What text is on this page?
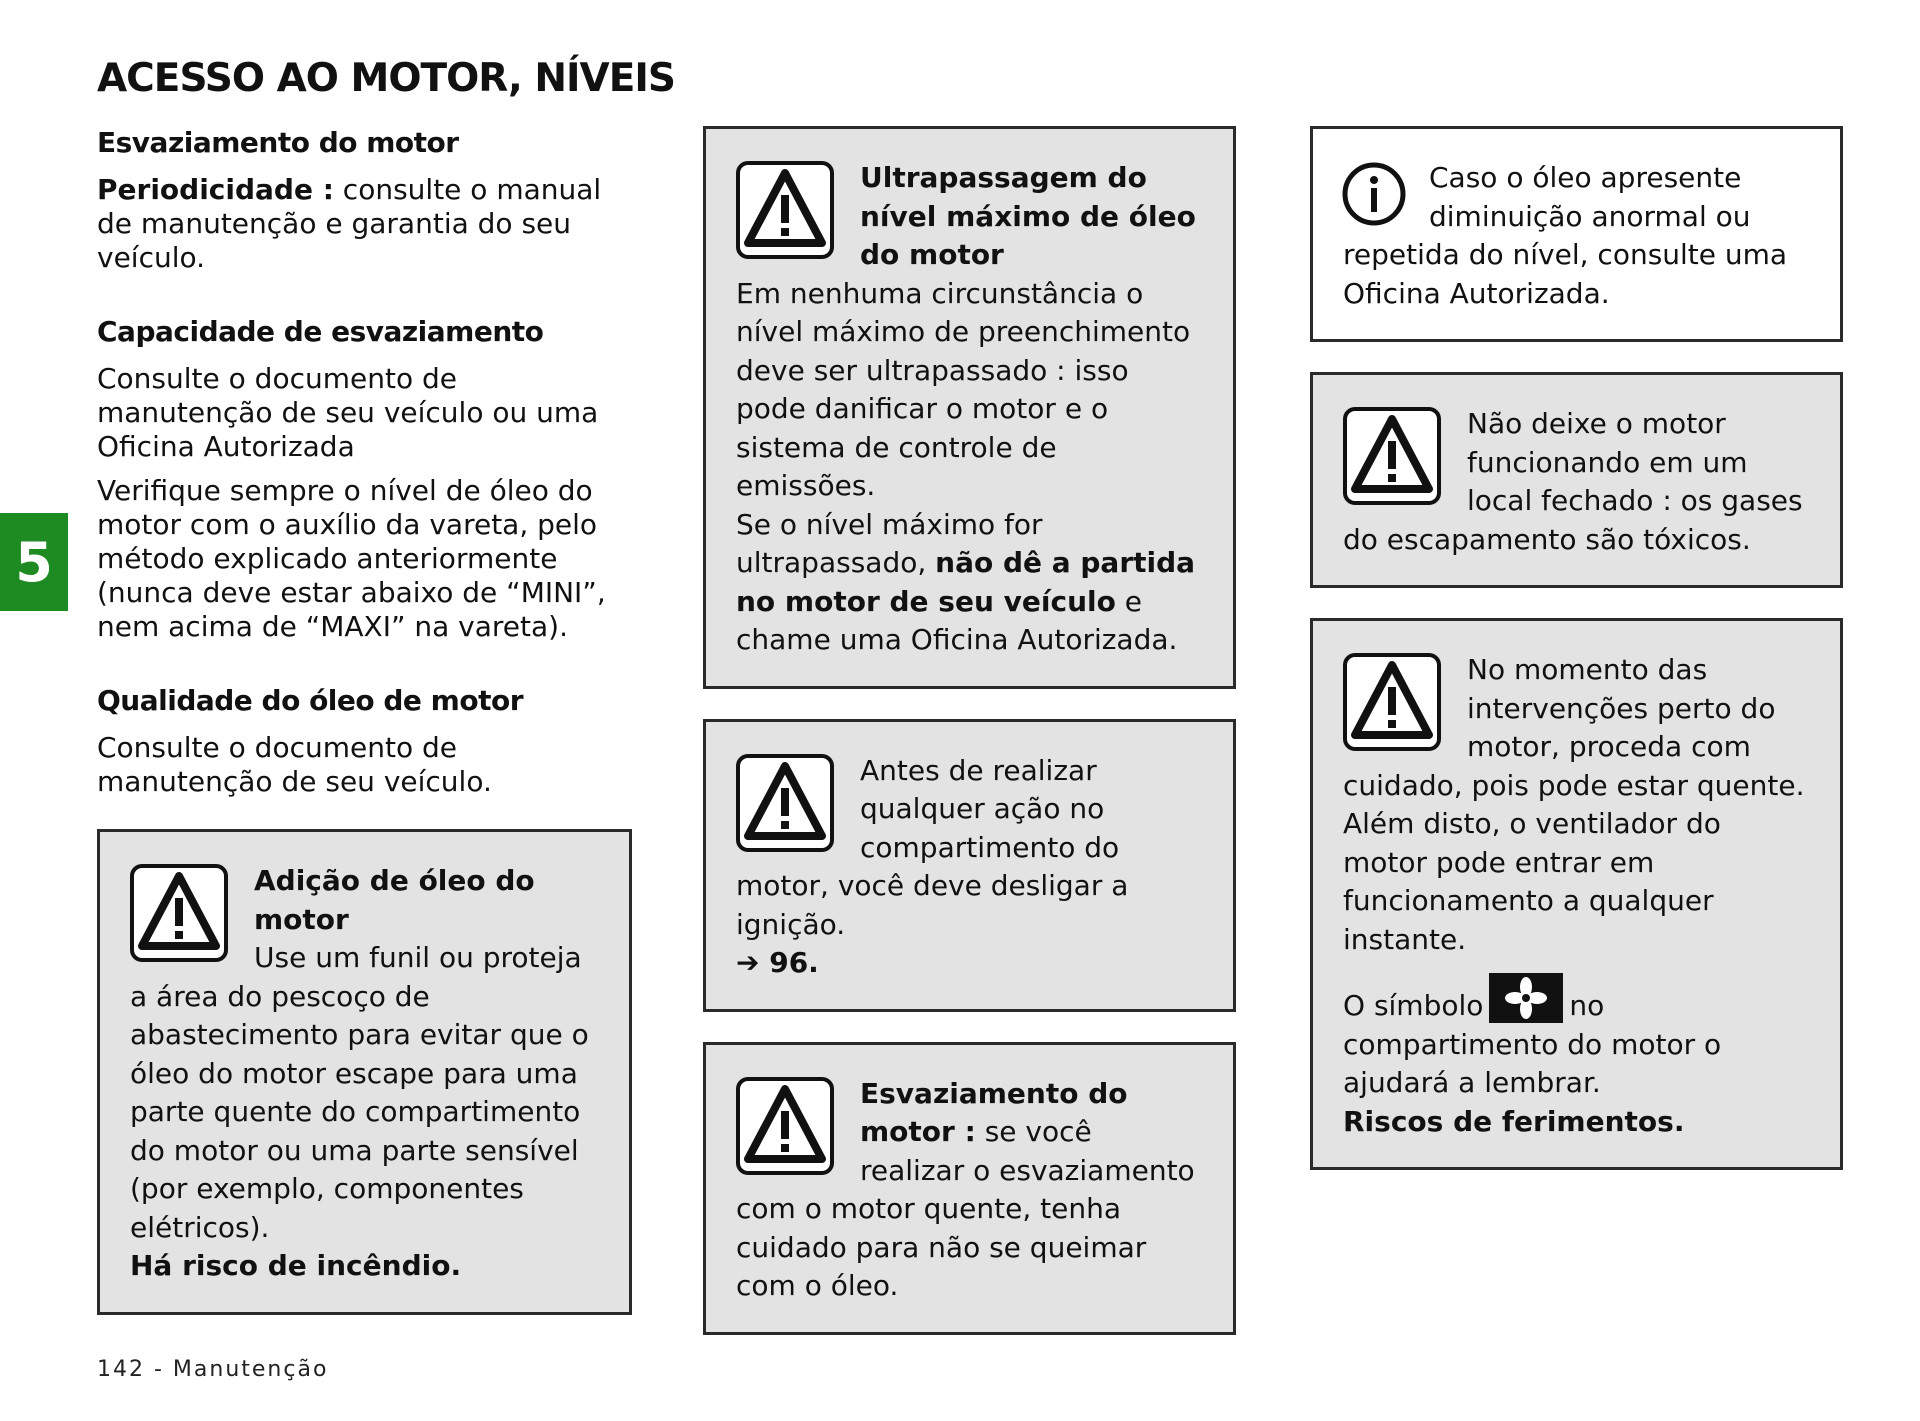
ACESSO AO MOTOR, NÍVEIS
5
Esvaziamento do motor

Periodicidade : consulte o manual de manutenção e garantia do seu veículo.

Capacidade de esvaziamento

Consulte o documento de manutenção de seu veículo ou uma Oficina Autorizada

Verifique sempre o nível de óleo do motor com o auxílio da vareta, pelo método explicado anteriormente (nunca deve estar abaixo de “MINI”, nem acima de “MAXI” na vareta).

Qualidade do óleo de motor

Consulte o documento de manutenção de seu veículo.

Adição de óleo do motor
Use um funil ou proteja a área do pescoço de abastecimento para evitar que o óleo do motor escape para uma parte quente do compartimento do motor ou uma parte sensível (por exemplo, componentes elétricos).
Há risco de incêndio.
Ultrapassagem do nível máximo de óleo do motor
Em nenhuma circunstância o nível máximo de preenchimento deve ser ultrapassado : isso pode danificar o motor e o sistema de controle de emissões.
Se o nível máximo for ultrapassado, não dê a partida no motor de seu veículo e chame uma Oficina Autorizada.
Antes de realizar qualquer ação no compartimento do motor, você deve desligar a ignição.
➔ 96.
Esvaziamento do motor : se você realizar o esvaziamento com o motor quente, tenha cuidado para não se queimar com o óleo.
Caso o óleo apresente diminuição anormal ou repetida do nível, consulte uma Oficina Autorizada.
Não deixe o motor funcionando em um local fechado : os gases do escapamento são tóxicos.
No momento das intervenções perto do motor, proceda com cuidado, pois pode estar quente. Além disto, o ventilador do motor pode entrar em funcionamento a qualquer instante.
O símbolo	no compartimento do motor o ajudará a lembrar.
Riscos de ferimentos.
142 - Manutenção
